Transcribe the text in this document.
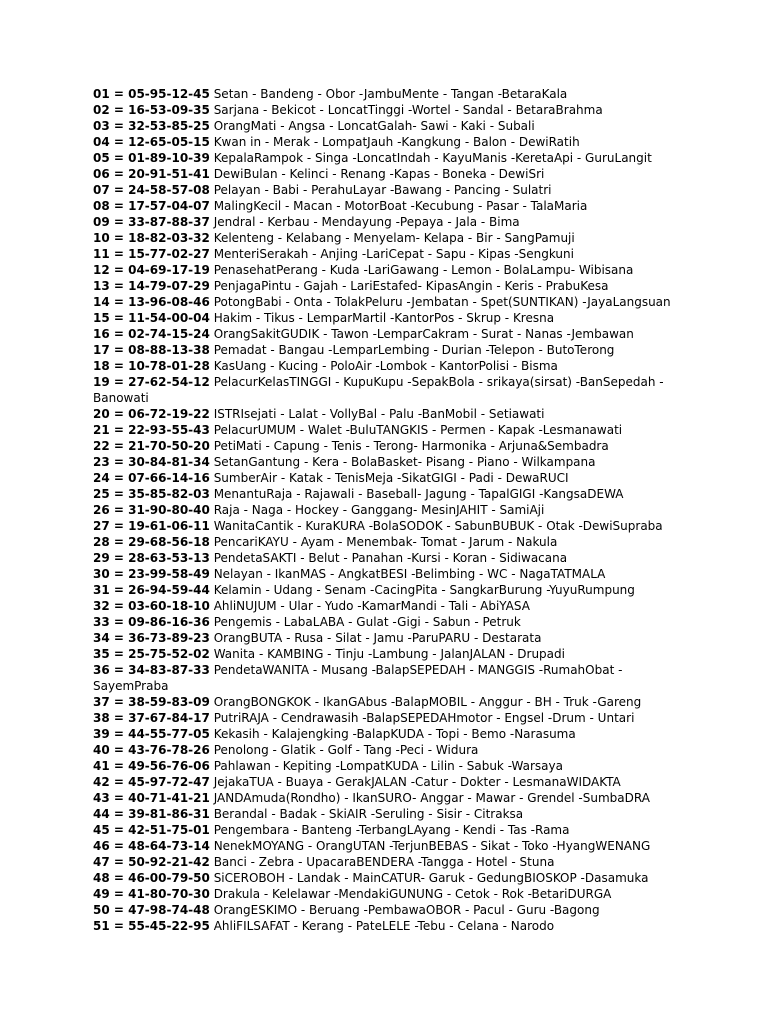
01 = 05-95-12-45 Setan - Bandeng - Obor -JambuMente - Tangan -BetaraKala

02 = 16-53-09-35 Sarjana - Bekicot - LoncatTinggi -Wortel - Sandal - BetaraBrahma

03 = 32-53-85-25 OrangMati - Angsa - LoncatGalah- Sawi - Kaki - Subali

04 = 12-65-05-15 Kwan in - Merak - LompatJauh -Kangkung - Balon - DewiRatih

05 = 01-89-10-39 KepalaRampok - Singa -LoncatIndah - KayuManis -KeretaApi - GuruLangit

06 = 20-91-51-41 DewiBulan - Kelinci - Renang -Kapas - Boneka - DewiSri

07 = 24-58-57-08 Pelayan - Babi - PerahuLayar -Bawang - Pancing - Sulatri

08 = 17-57-04-07 MalingKecil - Macan - MotorBoat -Kecubung - Pasar - TalaMaria

09 = 33-87-88-37 Jendral - Kerbau - Mendayung -Pepaya - Jala - Bima

10 = 18-82-03-32 Kelenteng - Kelabang - Menyelam- Kelapa - Bir - SangPamuji

11 = 15-77-02-27 MenteriSerakah - Anjing -LariCepat - Sapu - Kipas -Sengkuni

12 = 04-69-17-19 PenasehatPerang - Kuda -LariGawang - Lemon - BolaLampu- Wibisana

13 = 14-79-07-29 PenjagaPintu - Gajah - LariEstafed- KipasAngin - Keris - PrabuKesa

14 = 13-96-08-46 PotongBabi - Onta - TolakPeluru -Jembatan - Spet(SUNTIKAN) -JayaLangsuan

15 = 11-54-00-04 Hakim - Tikus - LemparMartil -KantorPos - Skrup - Kresna

16 = 02-74-15-24 OrangSakitGUDIK - Tawon -LemparCakram - Surat - Nanas -Jembawan

17 = 08-88-13-38 Pemadat - Bangau -LemparLembing - Durian -Telepon - ButoTerong

18 = 10-78-01-28 KasUang - Kucing - PoloAir -Lombok - KantorPolisi - Bisma

19 = 27-62-54-12 PelacurKelasTINGGI - KupuKupu -SepakBola - srikaya(sirsat) -BanSepedah - Banowati

20 = 06-72-19-22 ISTRIsejati - Lalat - VollyBal - Palu -BanMobil - Setiawati

21 = 22-93-55-43 PelacurUMUM - Walet -BuluTANGKIS - Permen - Kapak -Lesmanawati

22 = 21-70-50-20 PetiMati - Capung - Tenis - Terong- Harmonika - Arjuna&Sembadra

23 = 30-84-81-34 SetanGantung - Kera - BolaBasket- Pisang - Piano - Wilkampana

24 = 07-66-14-16 SumberAir - Katak - TenisMeja -SikatGIGI - Padi - DewaRUCI

25 = 35-85-82-03 MenantuRaja - Rajawali - Baseball- Jagung - TapalGIGI -KangsaDEWA

26 = 31-90-80-40 Raja - Naga - Hockey - Ganggang- MesinJAHIT - SamiAji

27 = 19-61-06-11 WanitaCantik - KuraKURA -BolaSODOK - SabunBUBUK - Otak -DewiSupraba

28 = 29-68-56-18 PencariKAYU - Ayam - Menembak- Tomat - Jarum - Nakula

29 = 28-63-53-13 PendetaSAKTI - Belut - Panahan -Kursi - Koran - Sidiwacana

30 = 23-99-58-49 Nelayan - IkanMAS - AngkatBESI -Belimbing - WC - NagaTATMALA

31 = 26-94-59-44 Kelamin - Udang - Senam -CacingPita - SangkarBurung -YuyuRumpung

32 = 03-60-18-10 AhliNUJUM - Ular - Yudo -KamarMandi - Tali - AbiYASA

33 = 09-86-16-36 Pengemis - LabaLABA - Gulat -Gigi - Sabun - Petruk

34 = 36-73-89-23 OrangBUTA - Rusa - Silat - Jamu -ParuPARU - Destarata

35 = 25-75-52-02 Wanita - KAMBING - Tinju -Lambung - JalanJALAN - Drupadi

36 = 34-83-87-33 PendetaWANITA - Musang -BalapSEPEDAH - MANGGIS -RumahObat - SayemPraba

37 = 38-59-83-09 OrangBONGKOK - IkanGAbus -BalapMOBIL - Anggur - BH - Truk -Gareng

38 = 37-67-84-17 PutriRAJA - Cendrawasih -BalapSEPEDAHmotor - Engsel -Drum - Untari

39 = 44-55-77-05 Kekasih - Kalajengking -BalapKUDA - Topi - Bemo -Narasuma

40 = 43-76-78-26 Penolong - Glatik - Golf - Tang -Peci - Widura

41 = 49-56-76-06 Pahlawan - Kepiting -LompatKUDA - Lilin - Sabuk -Warsaya

42 = 45-97-72-47 JejakaTUA - Buaya - GerakJALAN -Catur - Dokter - LesmanaWIDAKTA

43 = 40-71-41-21 JANDAmuda(Rondho) - IkanSURO- Anggar - Mawar - Grendel -SumbaDRA

44 = 39-81-86-31 Berandal - Badak - SkiAIR -Seruling - Sisir - Citraksa

45 = 42-51-75-01 Pengembara - Banteng -TerbangLAyang - Kendi - Tas -Rama

46 = 48-64-73-14 NenekMOYANG - OrangUTAN -TerjunBEBAS - Sikat - Toko -HyangWENANG

47 = 50-92-21-42 Banci - Zebra - UpacaraBENDERA -Tangga - Hotel - Stuna

48 = 46-00-79-50 SiCEROBOH - Landak - MainCATUR- Garuk - GedungBIOSKOP -Dasamuka

49 = 41-80-70-30 Drakula - Kelelawar -MendakiGUNUNG - Cetok - Rok -BetariDURGA

50 = 47-98-74-48 OrangESKIMO - Beruang -PembawaOBOR - Pacul - Guru -Bagong

51 = 55-45-22-95 AhliFILSAFAT - Kerang - PateLELE -Tebu - Celana - Narodo
